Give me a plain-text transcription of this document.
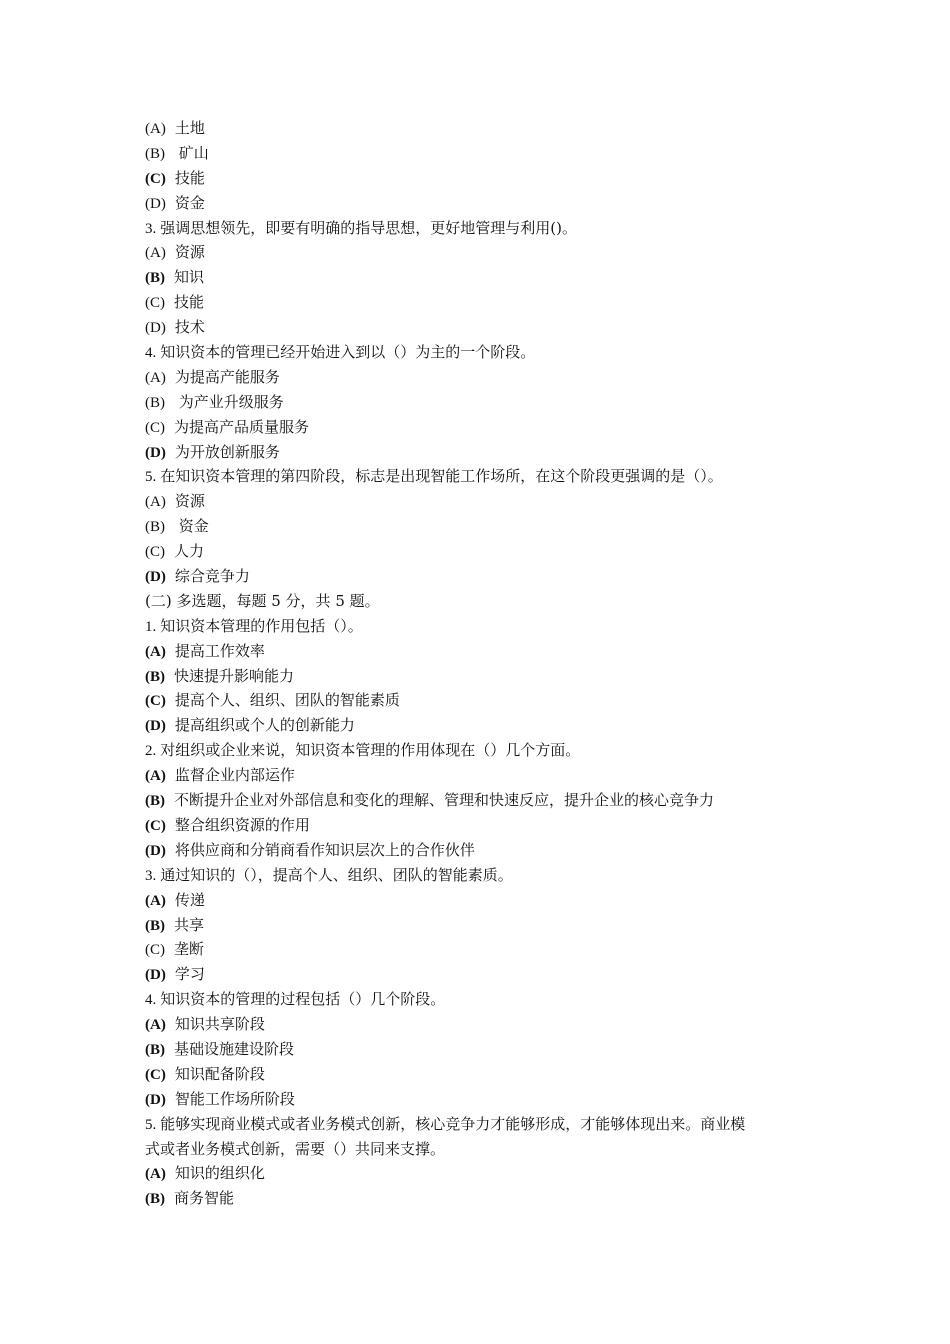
(A) 土地
(B) 矿山
(C) 技能
(D) 资金
3. 强调思想领先，即要有明确的指导思想，更好地管理与利用()。
(A) 资源
(B) 知识
(C) 技能
(D) 技术
4. 知识资本的管理已经开始进入到以（）为主的一个阶段。
(A) 为提高产能服务
(B) 为产业升级服务
(C) 为提高产品质量服务
(D) 为开放创新服务
5. 在知识资本管理的第四阶段，标志是出现智能工作场所，在这个阶段更强调的是（）。
(A) 资源
(B) 资金
(C) 人力
(D) 综合竞争力
(二) 多选题，每题 5 分，共 5 题。
1. 知识资本管理的作用包括（）。
(A) 提高工作效率
(B) 快速提升影响能力
(C) 提高个人、组织、团队的智能素质
(D) 提高组织或个人的创新能力
2. 对组织或企业来说，知识资本管理的作用体现在（）几个方面。
(A) 监督企业内部运作
(B) 不断提升企业对外部信息和变化的理解、管理和快速反应，提升企业的核心竞争力
(C) 整合组织资源的作用
(D) 将供应商和分销商看作知识层次上的合作伙伴
3. 通过知识的（），提高个人、组织、团队的智能素质。
(A) 传递
(B) 共享
(C) 垄断
(D) 学习
4. 知识资本的管理的过程包括（）几个阶段。
(A) 知识共享阶段
(B) 基础设施建设阶段
(C) 知识配备阶段
(D) 智能工作场所阶段
5. 能够实现商业模式或者业务模式创新，核心竞争力才能够形成，才能够体现出来。商业模
式或者业务模式创新，需要（）共同来支撑。
(A) 知识的组织化
(B) 商务智能
